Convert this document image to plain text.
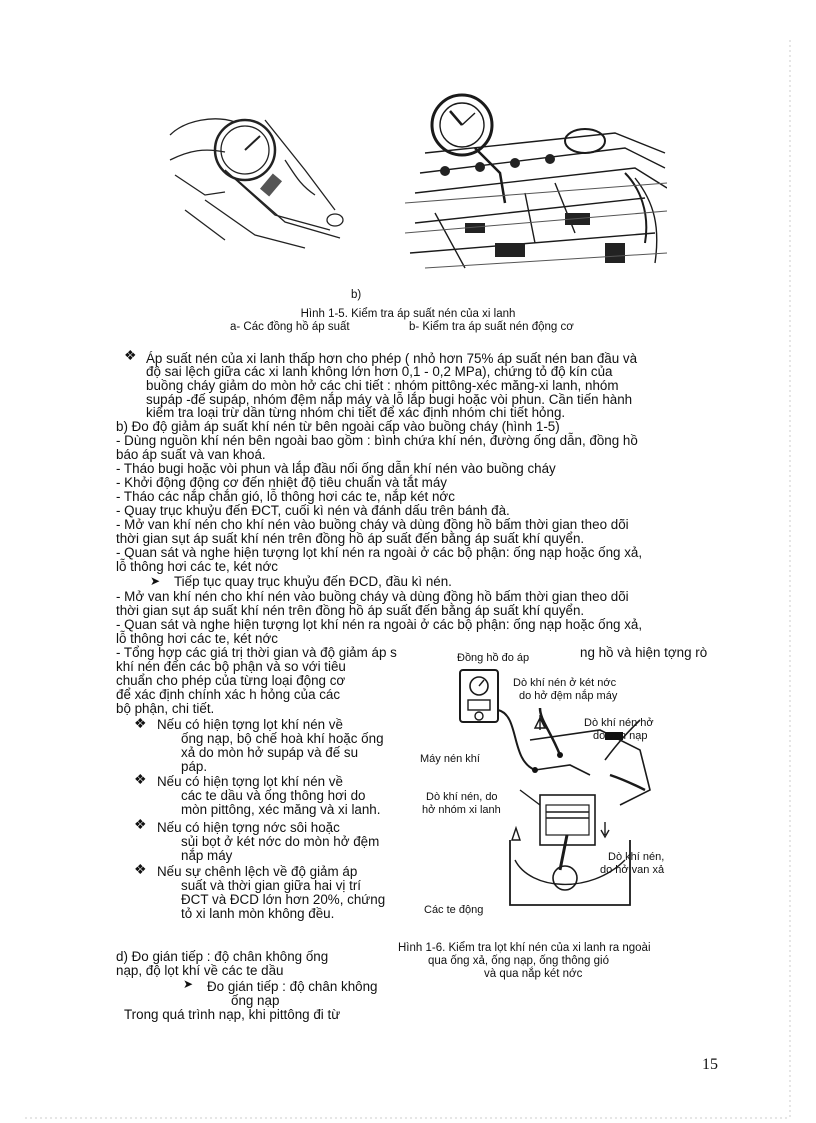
b)
Hình 1-5. Kiểm tra áp suất nén của xi lanh
a- Các đồng hồ áp suất	b- Kiểm tra áp suất nén động cơ
❖ Áp suất nén của xi lanh thấp hơn cho phép ( nhỏ hơn 75% áp suất nén ban đầu và
độ sai lệch giữa các xi lanh không lớn hơn 0,1 - 0,2 MPa), chứng tỏ độ kín của
buồng cháy giảm do mòn hở các chi tiết : nhóm pittông-xéc măng-xi lanh, nhóm
supáp -đế supáp, nhóm đệm nắp máy và lỗ lắp bugi hoặc vòi phun. Cần tiến hành
kiểm tra loại trừ dần từng nhóm chi tiết để xác định nhóm chi tiết hỏng.
b) Đo độ giảm áp suất khí nén từ bên ngoài cấp vào buồng cháy (hình 1-5)
- Dùng nguồn khí nén bên ngoài bao gồm : bình chứa khí nén, đường ống dẫn, đồng hồ
báo áp suất và van khoá.
- Tháo bugi hoặc vòi phun và lắp đầu nối ống dẫn khí nén vào buồng cháy
- Khởi động động cơ đến nhiệt độ tiêu chuẩn và tắt máy
- Tháo các nắp chắn gió, lỗ thông hơi các te, nắp két nớc
- Quay trục khuỷu đến ĐCT, cuối kì nén và đánh dấu trên bánh đà.
- Mở van khí nén cho khí nén vào buồng cháy và dùng đồng hồ bấm thời gian theo dõi
thời gian sụt áp suất khí nén trên đồng hồ áp suất đến bằng áp suất khí quyển.
- Quan sát và nghe hiện tượng lọt khí nén ra ngoài ở các bộ phận: ống nạp hoặc ống xả,
lỗ thông hơi các te, két nớc
➤ Tiếp tục quay trục khuỷu đến ĐCD, đầu kì nén.
- Mở van khí nén cho khí nén vào buồng cháy và dùng đồng hồ bấm thời gian theo dõi
thời gian sụt áp suất khí nén trên đồng hồ áp suất đến bằng áp suất khí quyển.
- Quan sát và nghe hiện tượng lọt khí nén ra ngoài ở các bộ phận: ống nạp hoặc ống xả,
lỗ thông hơi các te, két nớc
- Tổng hợp các giá trị thời gian và độ giảm áp s	ng hồ và hiện tợng rò
khí nén đến các bộ phận và so với tiêu
chuẩn cho phép của từng loại động cơ
để xác định chính xác h hỏng của các
bộ phận, chi tiết.
❖ Nếu có hiện tợng lọt khí nén về
ống nạp, bộ chế hoà khí hoặc ống
xả do mòn hở supáp và đế su
páp.
❖ Nếu có hiện tợng lọt khí nén về
các te dầu và ống thông hơi do
mòn pittông, xéc măng và xi lanh.
❖ Nếu có hiện tợng nớc sôi hoặc
sủi bọt ở két nớc do mòn hở đệm
nắp máy
❖ Nếu sự chênh lệch về độ giảm áp
suất và thời gian giữa hai vị trí
ĐCT và ĐCD lớn hơn 20%, chứng
tỏ xi lanh mòn không đều.
Đồng hồ đo áp
Dò khí nén ở két nớc
do hở đệm nắp máy
Dò khí nén hở
do van nạp
Máy nén khí
Dò khí nén, do
hở nhóm xi lanh
Dò khí nén,
do hở van xả
Các te động
Hình 1-6. Kiểm tra lọt khí nén của xi lanh ra ngoài
qua ống xả, ống nạp, ống thông gió
và qua nắp két nớc
d) Đo gián tiếp : độ chân không ống
nạp, độ lọt khí về các te dầu
➤ Đo gián tiếp : độ chân không
ống nạp
Trong quá trình nạp, khi pittông đi từ
15
